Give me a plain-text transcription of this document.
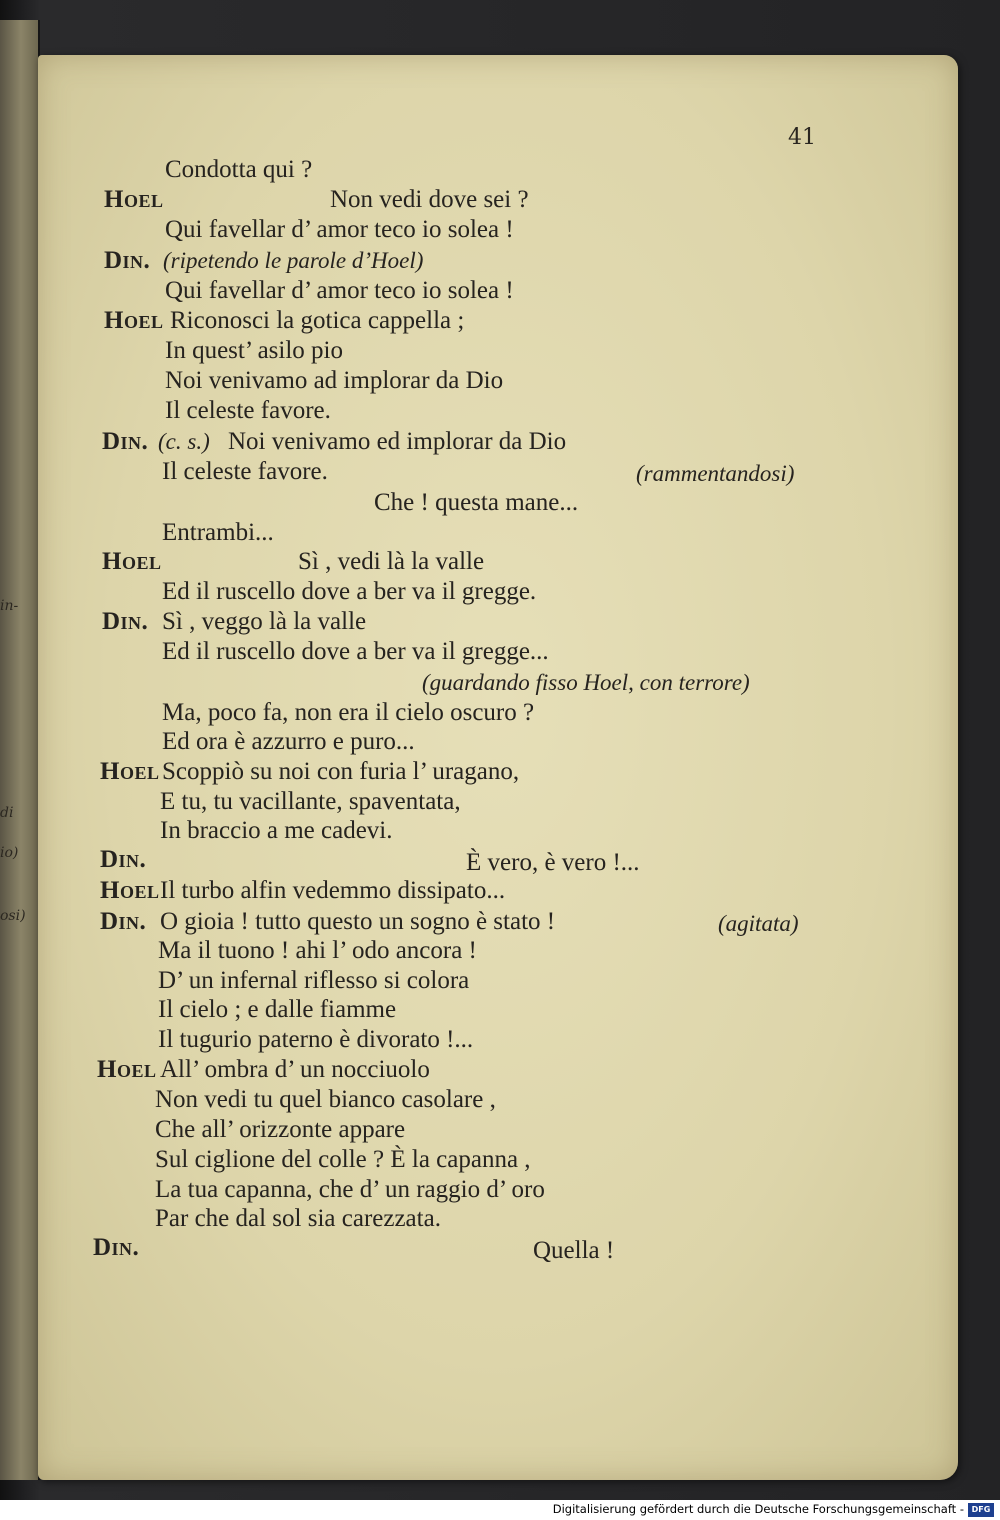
in-
di
io)
osi)
41
Condotta qui ?
Hoel	Non vedi dove sei ?
Qui favellar d’ amor teco io solea !
Din. (ripetendo le parole d’Hoel)
Qui favellar d’ amor teco io solea !
Hoel Riconosci la gotica cappella ;
In quest’ asilo pio
Noi venivamo ad implorar da Dio
Il celeste favore.
Din. (c. s.) Noi venivamo ed implorar da Dio
Il celeste favore.	(rammentandosi)
Che ! questa mane...
Entrambi...
Hoel	Sì , vedi là la valle
Ed il ruscello dove a ber va il gregge.
Din. Sì , veggo là la valle
Ed il ruscello dove a ber va il gregge...
(guardando fisso Hoel, con terrore)
Ma, poco fa, non era il cielo oscuro ?
Ed ora è azzurro e puro...
Hoel Scoppiò su noi con furia l’ uragano,
E tu, tu vacillante, spaventata,
In braccio a me cadevi.
Din.	È vero, è vero !...
Hoel Il turbo alfin vedemmo dissipato...
Din. O gioia ! tutto questo un sogno è stato !	(agitata)
Ma il tuono ! ahi l’ odo ancora !
D’ un infernal riflesso si colora
Il cielo ; e dalle fiamme
Il tugurio paterno è divorato !...
Hoel All’ ombra d’ un nocciuolo
Non vedi tu quel bianco casolare ,
Che all’ orizzonte appare
Sul ciglione del colle ? È la capanna ,
La tua capanna, che d’ un raggio d’ oro
Par che dal sol sia carezzata.
Din.	Quella !
Digitalisierung gefördert durch die Deutsche Forschungsgemeinschaft - DFG
